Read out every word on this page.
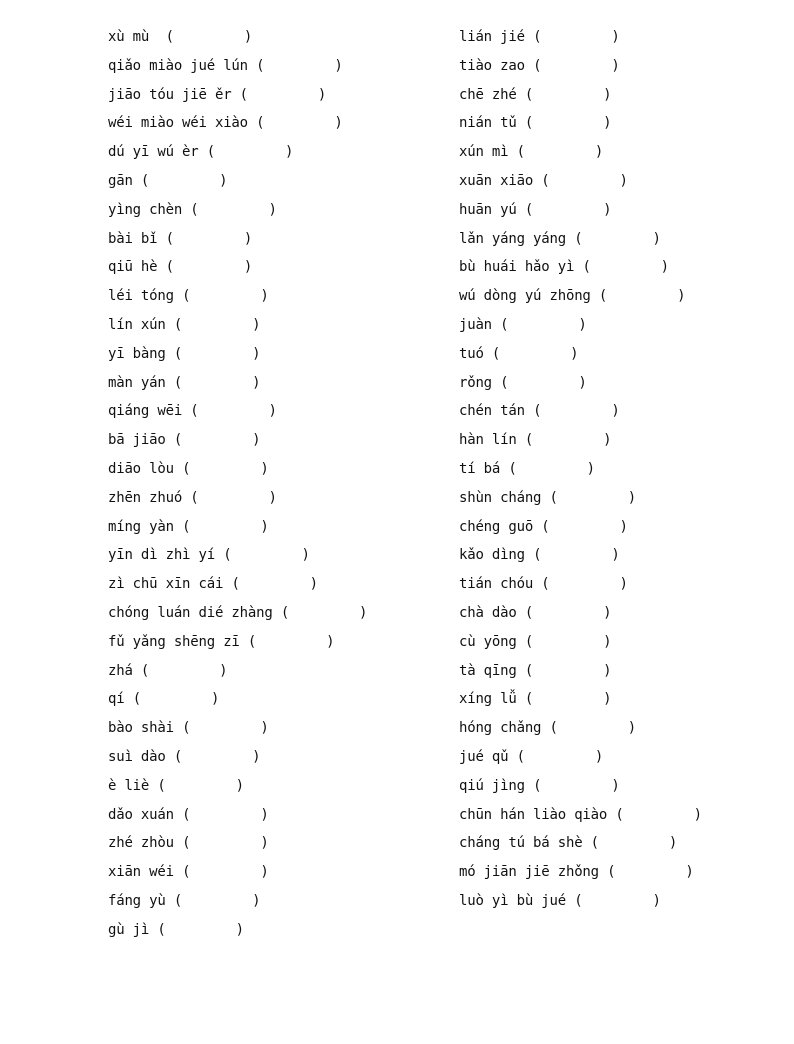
xù mù  (	)
qiǎo miào jué lún (	)
jiāo tóu jiē ěr (	)
wéi miào wéi xiào (	)
dú yī wú èr (	)
gān (	)
yìng chèn (	)
bài bǐ (	)
qiū hè (	)
léi tóng (	)
lín xún (	)
yī bàng (	)
màn yán (	)
qiáng wēi (	)
bā jiāo (	)
diāo lòu (	)
zhēn zhuó (	)
míng yàn (	)
yīn dì zhì yí (	)
zì chū xīn cái (	)
chóng luán dié zhàng (	)
fǔ yǎng shēng zī (	)
zhá (	)
qí (	)
bào shài (	)
suì dào (	)
è liè (	)
dǎo xuán (	)
zhé zhòu (	)
xiān wéi (	)
fáng yù (	)
gù jì (	)
lián jié (	)
tiào zao (	)
chē zhé (	)
nián tǔ (	)
xún mì (	)
xuān xiāo (	)
huān yú (	)
lǎn yáng yáng (	)
bù huái hǎo yì (	)
wú dòng yú zhōng (	)
juàn (	)
tuó (	)
rǒng (	)
chén tán (	)
hàn lín (	)
tí bá (	)
shùn cháng (	)
chéng guō (	)
kǎo dìng (	)
tián chóu (	)
chà dào (	)
cù yōng (	)
tà qīng (	)
xíng lǚ (	)
hóng chǎng (	)
jué qǔ (	)
qiú jìng (	)
chūn hán liào qiào (	)
cháng tú bá shè (	)
mó jiān jiē zhǒng (	)
luò yì bù jué (	)
